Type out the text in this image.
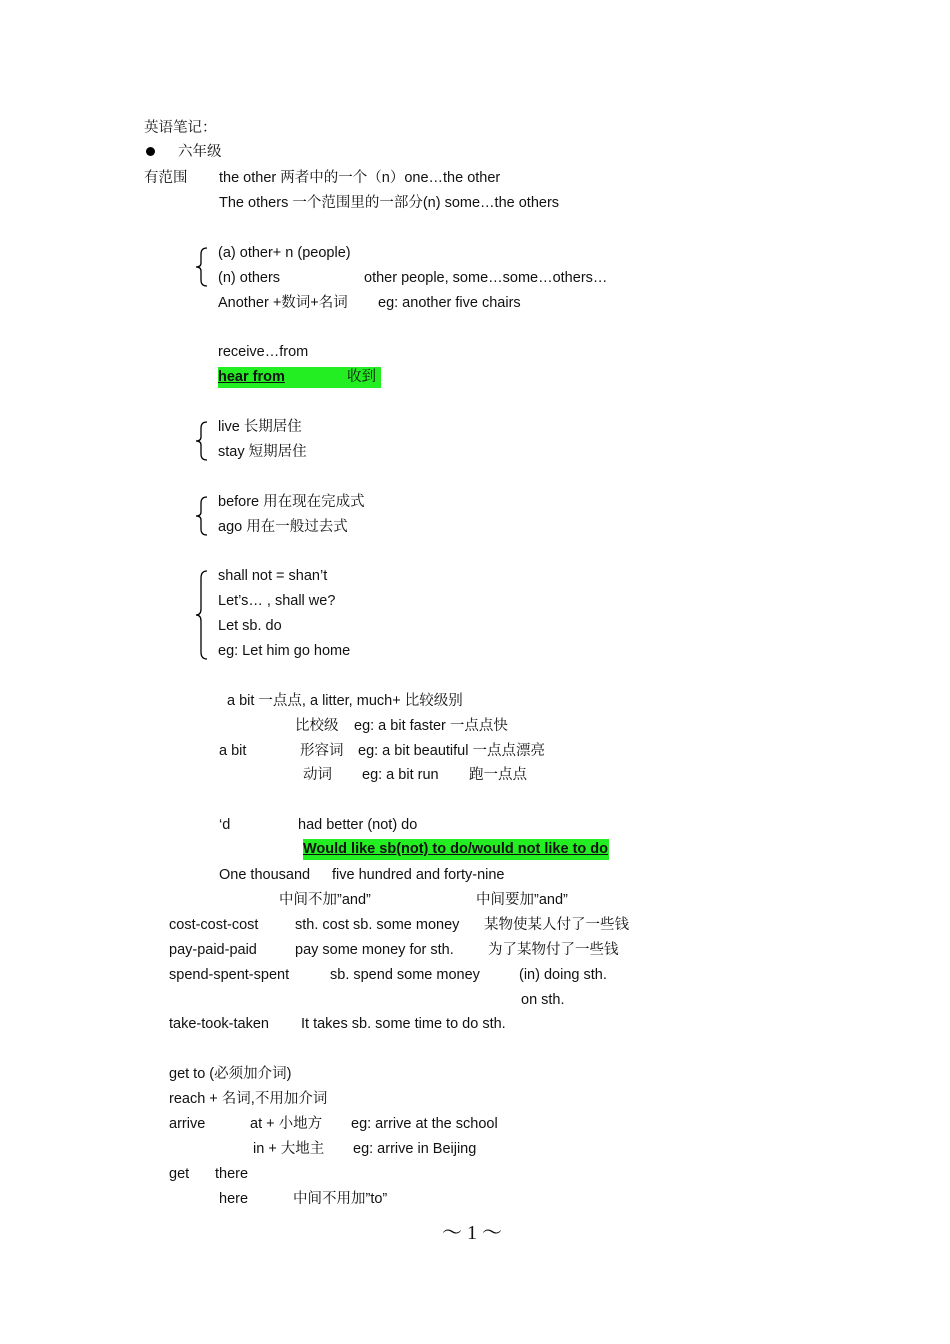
英语笔记：
六年级
有范围 the other 两者中的一个（n）one…the other
The others 一个范围里的一部分(n) some…the others
(a) other+ n (people)
(n) others	other people, some…some…others…
Another +数词+名词 eg: another five chairs
receive…from
hear from	收到
live 长期居住
stay 短期居住
before 用在现在完成式
ago 用在一般过去式
shall not = shan’t
Let’s… , shall we?
Let sb. do
eg: Let him go home
a bit 一点点, a litter, much+ 比较级别
比校级 eg: a bit faster 一点点快
a bit	形容词 eg: a bit beautiful 一点点漂亮
动词 eg: a bit run 跑一点点
‘d	had better (not) do
Would like sb(not) to do/would not like to do
One thousand five hundred and forty-nine
中间不加”and”	中间要加”and”
cost-cost-cost	sth. cost sb. some money 某物使某人付了一些钱
pay-paid-paid	pay some money for sth. 为了某物付了一些钱
spend-spent-spent	sb. spend some money	(in) doing sth.
on sth.
take-took-taken It takes sb. some time to do sth.
get to (必须加介词)
reach + 名词,不用加介词
arrive	at + 小地方 eg: arrive at the school
in + 大地主 eg: arrive in Beijing
get there
here	中间不用加”to”
～ 1 ～
